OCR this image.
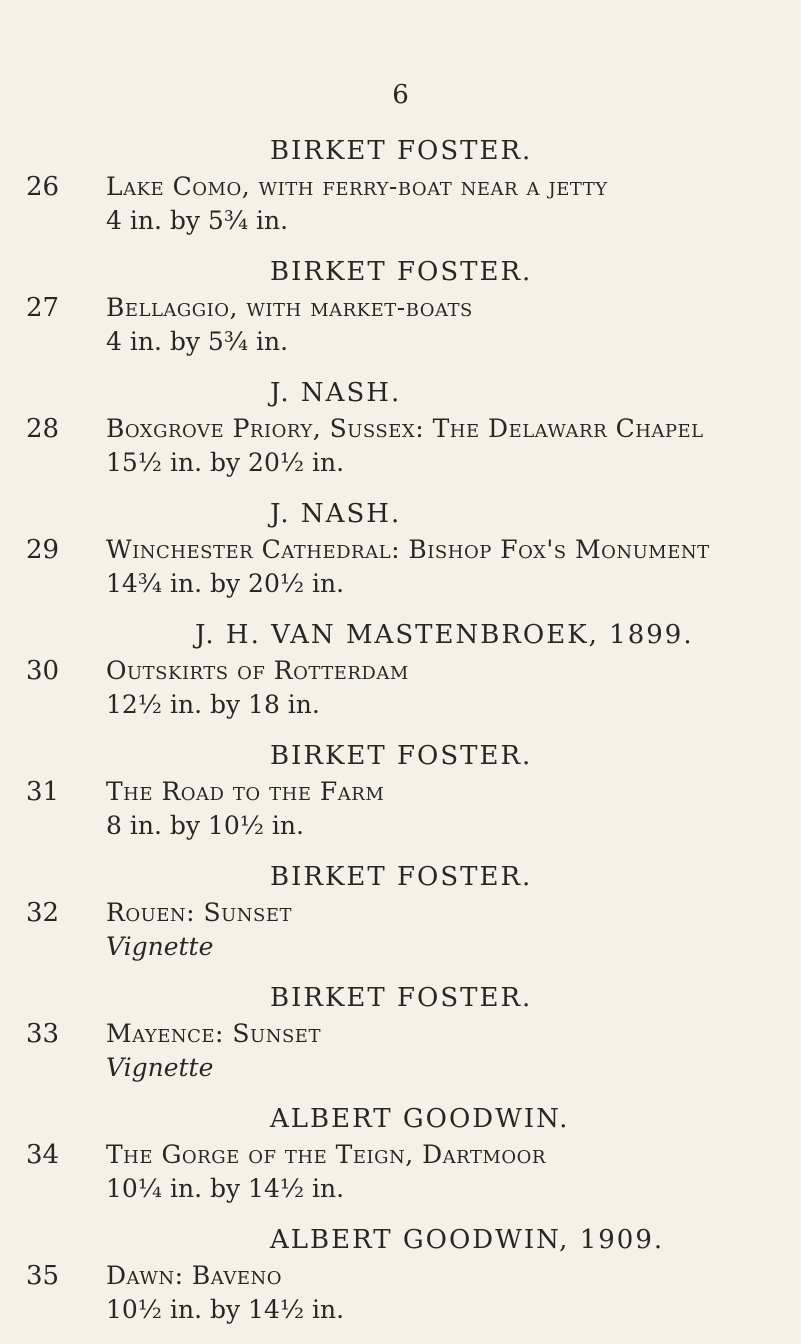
6
BIRKET FOSTER.
26 Lake Como, with ferry-boat near a jetty
4 in. by 5¾ in.
BIRKET FOSTER.
27 Bellaggio, with market-boats
4 in. by 5¾ in.
J. NASH.
28 Boxgrove Priory, Sussex: The Delawarr Chapel
15½ in. by 20½ in.
J. NASH.
29 Winchester Cathedral: Bishop Fox's Monument
14¾ in. by 20½ in.
J. H. VAN MASTENBROEK, 1899.
30 Outskirts of Rotterdam
12½ in. by 18 in.
BIRKET FOSTER.
31 The Road to the Farm
8 in. by 10½ in.
BIRKET FOSTER.
32 Rouen: Sunset
Vignette
BIRKET FOSTER.
33 Mayence: Sunset
Vignette
ALBERT GOODWIN.
34 The Gorge of the Teign, Dartmoor
10¼ in. by 14½ in.
ALBERT GOODWIN, 1909.
35 Dawn: Baveno
10½ in. by 14½ in.
